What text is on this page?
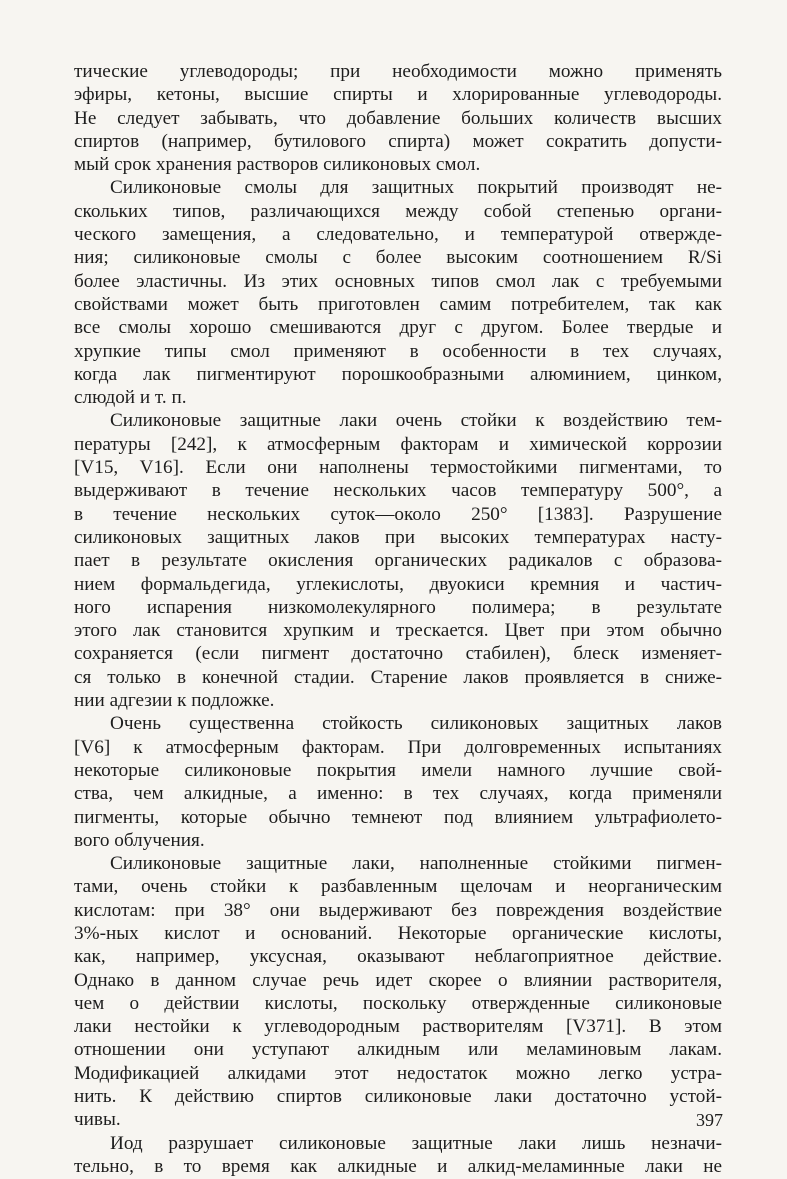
тические углеводороды; при необходимости можно применять
эфиры, кетоны, высшие спирты и хлорированные углеводороды.
Не следует забывать, что добавление больших количеств высших
спиртов (например, бутилового спирта) может сократить допусти-
мый срок хранения растворов силиконовых смол.
Силиконовые смолы для защитных покрытий производят не-
скольких типов, различающихся между собой степенью органи-
ческого замещения, а следовательно, и температурой отвержде-
ния; силиконовые смолы с более высоким соотношением R/Si
более эластичны. Из этих основных типов смол лак с требуемыми
свойствами может быть приготовлен самим потребителем, так как
все смолы хорошо смешиваются друг с другом. Более твердые и
хрупкие типы смол применяют в особенности в тех случаях,
когда лак пигментируют порошкообразными алюминием, цинком,
слюдой и т. п.
Силиконовые защитные лаки очень стойки к воздействию тем-
пературы [242], к атмосферным факторам и химической коррозии
[V15, V16]. Если они наполнены термостойкими пигментами, то
выдерживают в течение нескольких часов температуру 500°, а
в течение нескольких суток—около 250° [1383]. Разрушение
силиконовых защитных лаков при высоких температурах насту-
пает в результате окисления органических радикалов с образова-
нием формальдегида, углекислоты, двуокиси кремния и частич-
ного испарения низкомолекулярного полимера; в результате
этого лак становится хрупким и трескается. Цвет при этом обычно
сохраняется (если пигмент достаточно стабилен), блеск изменяет-
ся только в конечной стадии. Старение лаков проявляется в сниже-
нии адгезии к подложке.
Очень существенна стойкость силиконовых защитных лаков
[V6] к атмосферным факторам. При долговременных испытаниях
некоторые силиконовые покрытия имели намного лучшие свой-
ства, чем алкидные, а именно: в тех случаях, когда применяли
пигменты, которые обычно темнеют под влиянием ультрафиолето-
вого облучения.
Силиконовые защитные лаки, наполненные стойкими пигмен-
тами, очень стойки к разбавленным щелочам и неорганическим
кислотам: при 38° они выдерживают без повреждения воздействие
3%-ных кислот и оснований. Некоторые органические кислоты,
как, например, уксусная, оказывают неблагоприятное действие.
Однако в данном случае речь идет скорее о влиянии растворителя,
чем о действии кислоты, поскольку отвержденные силиконовые
лаки нестойки к углеводородным растворителям [V371]. В этом
отношении они уступают алкидным или меламиновым лакам.
Модификацией алкидами этот недостаток можно легко устра-
нить. К действию спиртов силиконовые лаки достаточно устой-
чивы.
Иод разрушает силиконовые защитные лаки лишь незначи-
тельно, в то время как алкидные и алкид-меламинные лаки не
397
